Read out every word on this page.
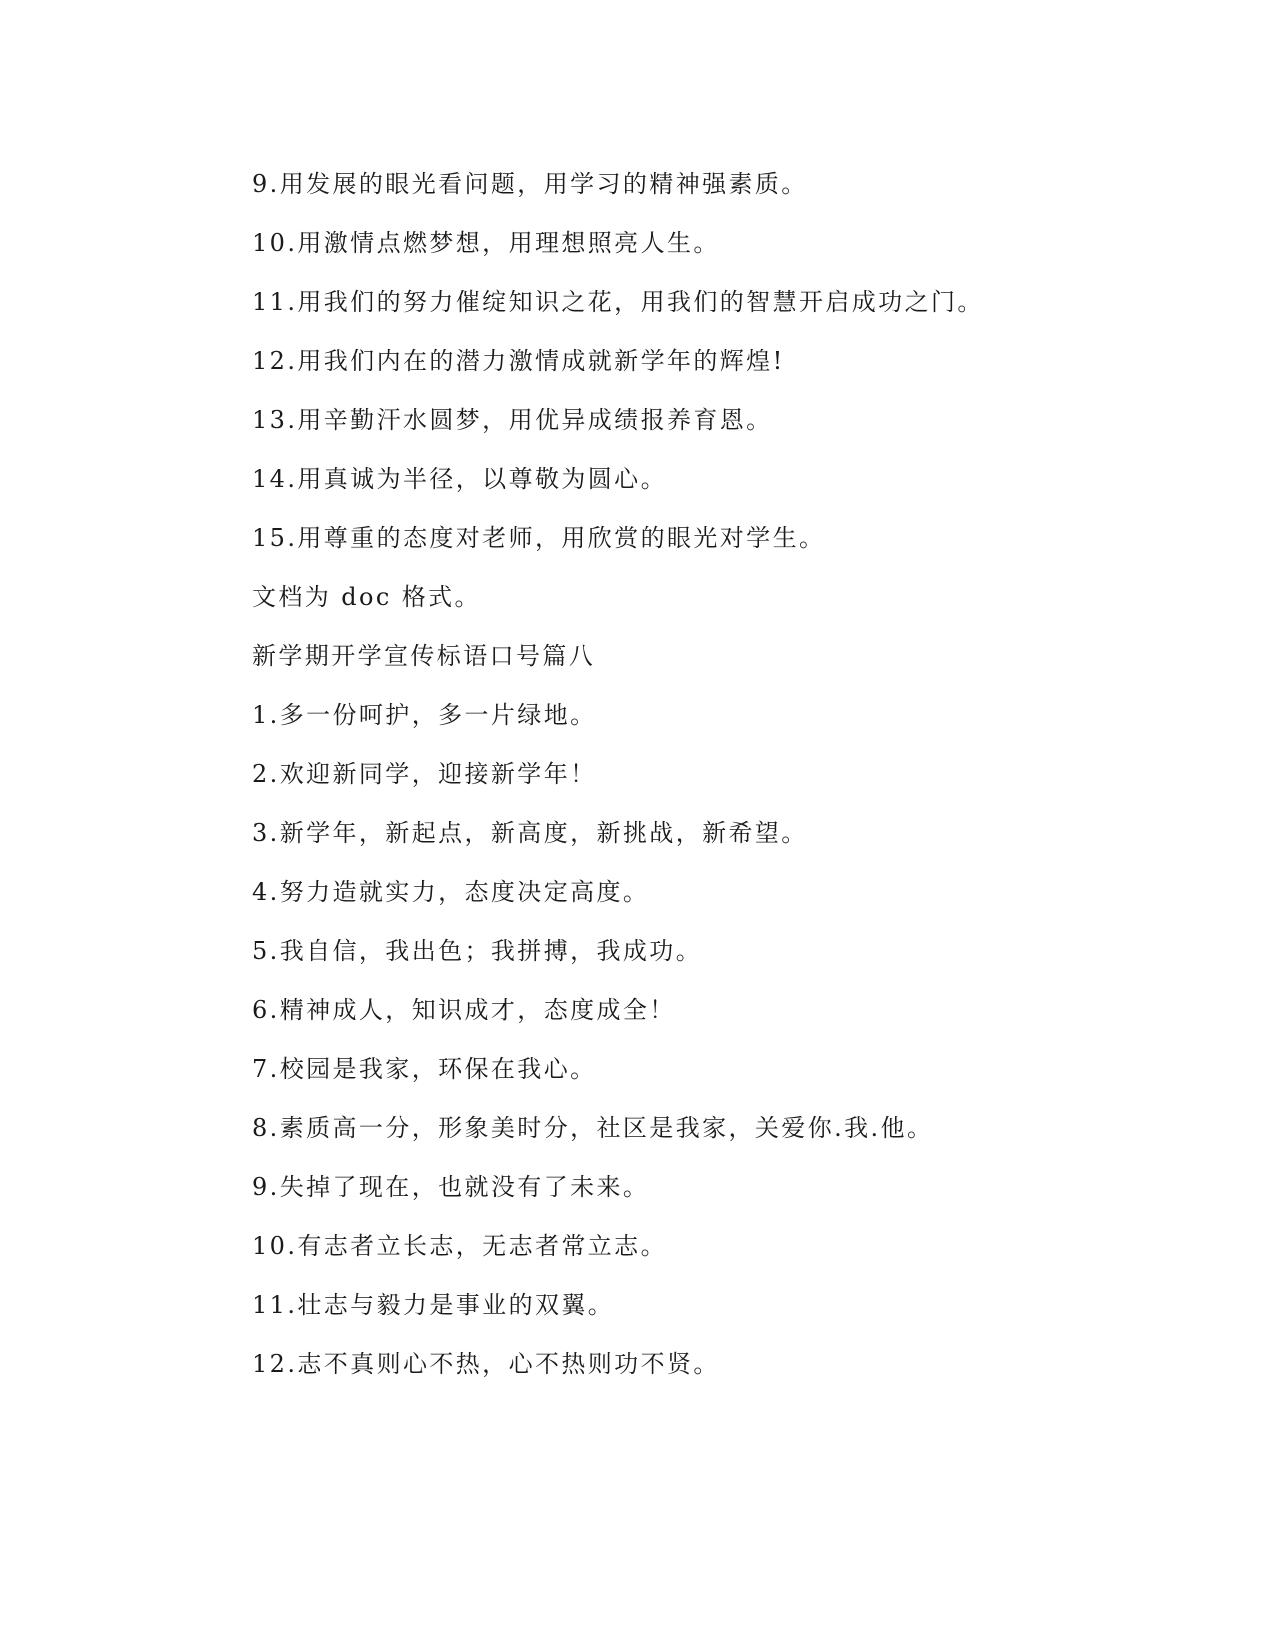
9.用发展的眼光看问题，用学习的精神强素质。
10.用激情点燃梦想，用理想照亮人生。
11.用我们的努力催绽知识之花，用我们的智慧开启成功之门。
12.用我们内在的潜力激情成就新学年的辉煌!
13.用辛勤汗水圆梦，用优异成绩报养育恩。
14.用真诚为半径，以尊敬为圆心。
15.用尊重的态度对老师，用欣赏的眼光对学生。
文档为 doc 格式。
新学期开学宣传标语口号篇八
1.多一份呵护，多一片绿地。
2.欢迎新同学，迎接新学年！
3.新学年，新起点，新高度，新挑战，新希望。
4.努力造就实力，态度决定高度。
5.我自信，我出色；我拼搏，我成功。
6.精神成人，知识成才，态度成全！
7.校园是我家，环保在我心。
8.素质高一分，形象美时分，社区是我家，关爱你.我.他。
9.失掉了现在，也就没有了未来。
10.有志者立长志，无志者常立志。
11.壮志与毅力是事业的双翼。
12.志不真则心不热，心不热则功不贤。
